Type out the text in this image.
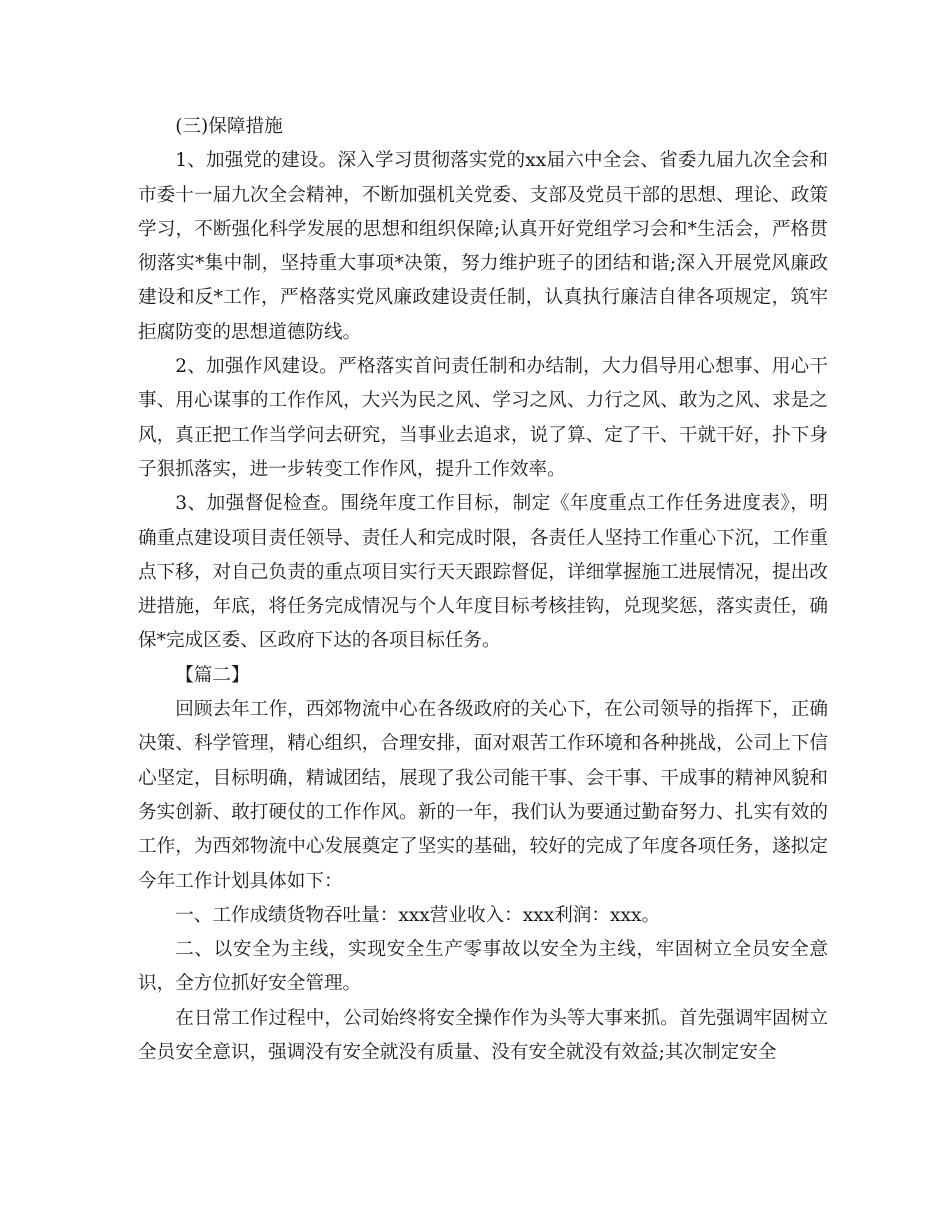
(三)保障措施

1、加强党的建设。深入学习贯彻落实党的xx届六中全会、省委九届九次全会和市委十一届九次全会精神，不断加强机关党委、支部及党员干部的思想、理论、政策学习，不断强化科学发展的思想和组织保障;认真开好党组学习会和*生活会，严格贯彻落实*集中制，坚持重大事项*决策，努力维护班子的团结和谐;深入开展党风廉政建设和反*工作，严格落实党风廉政建设责任制，认真执行廉洁自律各项规定，筑牢拒腐防变的思想道德防线。

2、加强作风建设。严格落实首问责任制和办结制，大力倡导用心想事、用心干事、用心谋事的工作作风，大兴为民之风、学习之风、力行之风、敢为之风、求是之风，真正把工作当学问去研究，当事业去追求，说了算、定了干、干就干好，扑下身子狠抓落实，进一步转变工作作风，提升工作效率。

3、加强督促检查。围绕年度工作目标，制定《年度重点工作任务进度表》，明确重点建设项目责任领导、责任人和完成时限，各责任人坚持工作重心下沉，工作重点下移，对自己负责的重点项目实行天天跟踪督促，详细掌握施工进展情况，提出改进措施，年底，将任务完成情况与个人年度目标考核挂钩，兑现奖惩，落实责任，确保*完成区委、区政府下达的各项目标任务。

【篇二】

回顾去年工作，西郊物流中心在各级政府的关心下，在公司领导的指挥下，正确决策、科学管理，精心组织，合理安排，面对艰苦工作环境和各种挑战，公司上下信心坚定，目标明确，精诚团结，展现了我公司能干事、会干事、干成事的精神风貌和务实创新、敢打硬仗的工作作风。新的一年，我们认为要通过勤奋努力、扎实有效的工作，为西郊物流中心发展奠定了坚实的基础，较好的完成了年度各项任务，遂拟定今年工作计划具体如下：

一、工作成绩货物吞吐量：xxx营业收入：xxx利润：xxx。

二、以安全为主线，实现安全生产零事故以安全为主线，牢固树立全员安全意识，全方位抓好安全管理。

在日常工作过程中，公司始终将安全操作作为头等大事来抓。首先强调牢固树立全员安全意识，强调没有安全就没有质量、没有安全就没有效益;其次制定安全
